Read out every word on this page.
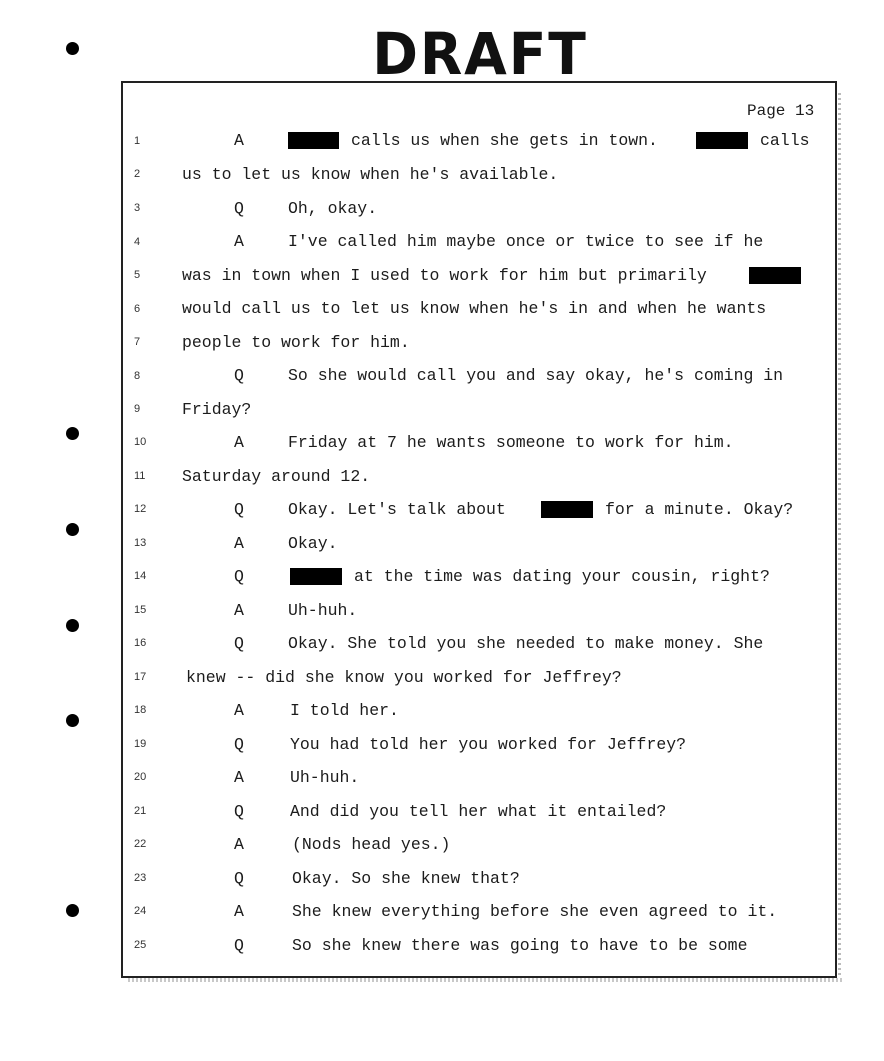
DRAFT
Page 13
1	A	calls us when she gets in town.	calls
2	us to let us know when he's available.
3	Q	Oh, okay.
4	A	I've called him maybe once or twice to see if he
5	was in town when I used to work for him but primarily
6	would call us to let us know when he's in and when he wants
7	people to work for him.
8	Q	So she would call you and say okay, he's coming in
9	Friday?
10	A	Friday at 7 he wants someone to work for him.
11	Saturday around 12.
12	Q	Okay. Let's talk about	for a minute. Okay?
13	A	Okay.
14	Q	at the time was dating your cousin, right?
15	A	Uh-huh.
16	Q	Okay. She told you she needed to make money. She
17	knew -- did she know you worked for Jeffrey?
18	A	I told her.
19	Q	You had told her you worked for Jeffrey?
20	A	Uh-huh.
21	Q	And did you tell her what it entailed?
22	A	(Nods head yes.)
23	Q	Okay. So she knew that?
24	A	She knew everything before she even agreed to it.
25	Q	So she knew there was going to have to be some
